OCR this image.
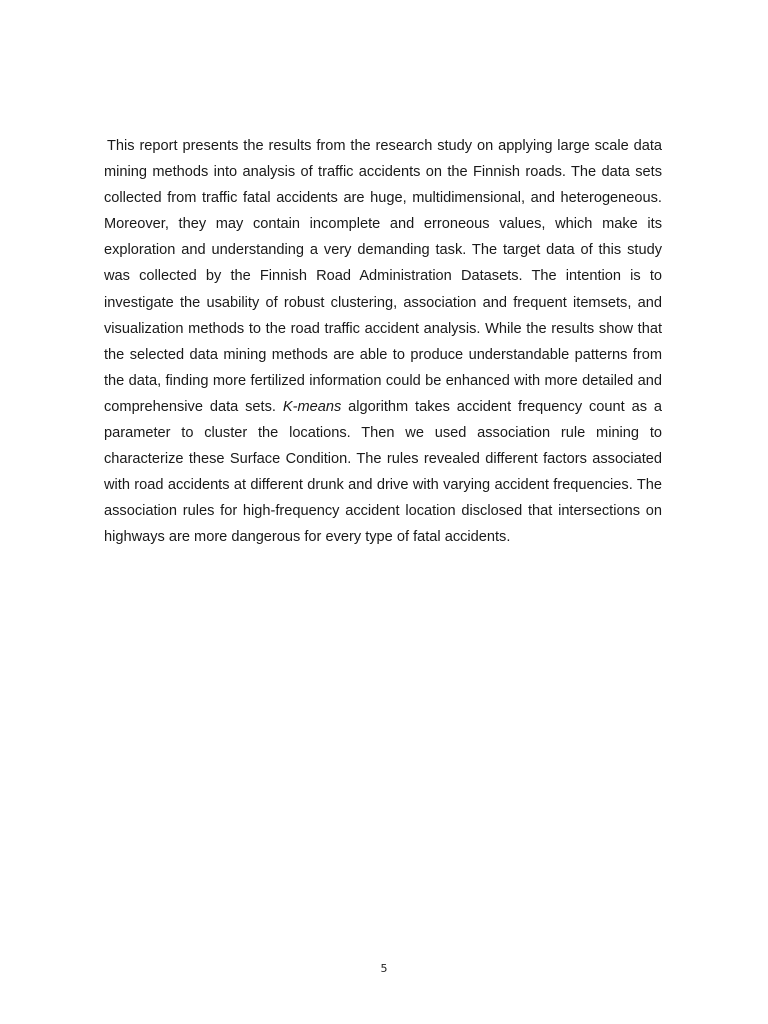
This report presents the results from the research study on applying large scale data mining methods into analysis of traffic accidents on the Finnish roads. The data sets collected from traffic fatal accidents are huge, multidimensional, and heterogeneous. Moreover, they may contain incomplete and erroneous values, which make its exploration and understanding a very demanding task. The target data of this study was collected by the Finnish Road Administration Datasets. The intention is to investigate the usability of robust clustering, association and frequent itemsets, and visualization methods to the road traffic accident analysis. While the results show that the selected data mining methods are able to produce understandable patterns from the data, finding more fertilized information could be enhanced with more detailed and comprehensive data sets. K-means algorithm takes accident frequency count as a parameter to cluster the locations. Then we used association rule mining to characterize these Surface Condition. The rules revealed different factors associated with road accidents at different drunk and drive with varying accident frequencies. The association rules for high-frequency accident location disclosed that intersections on highways are more dangerous for every type of fatal accidents.

5
